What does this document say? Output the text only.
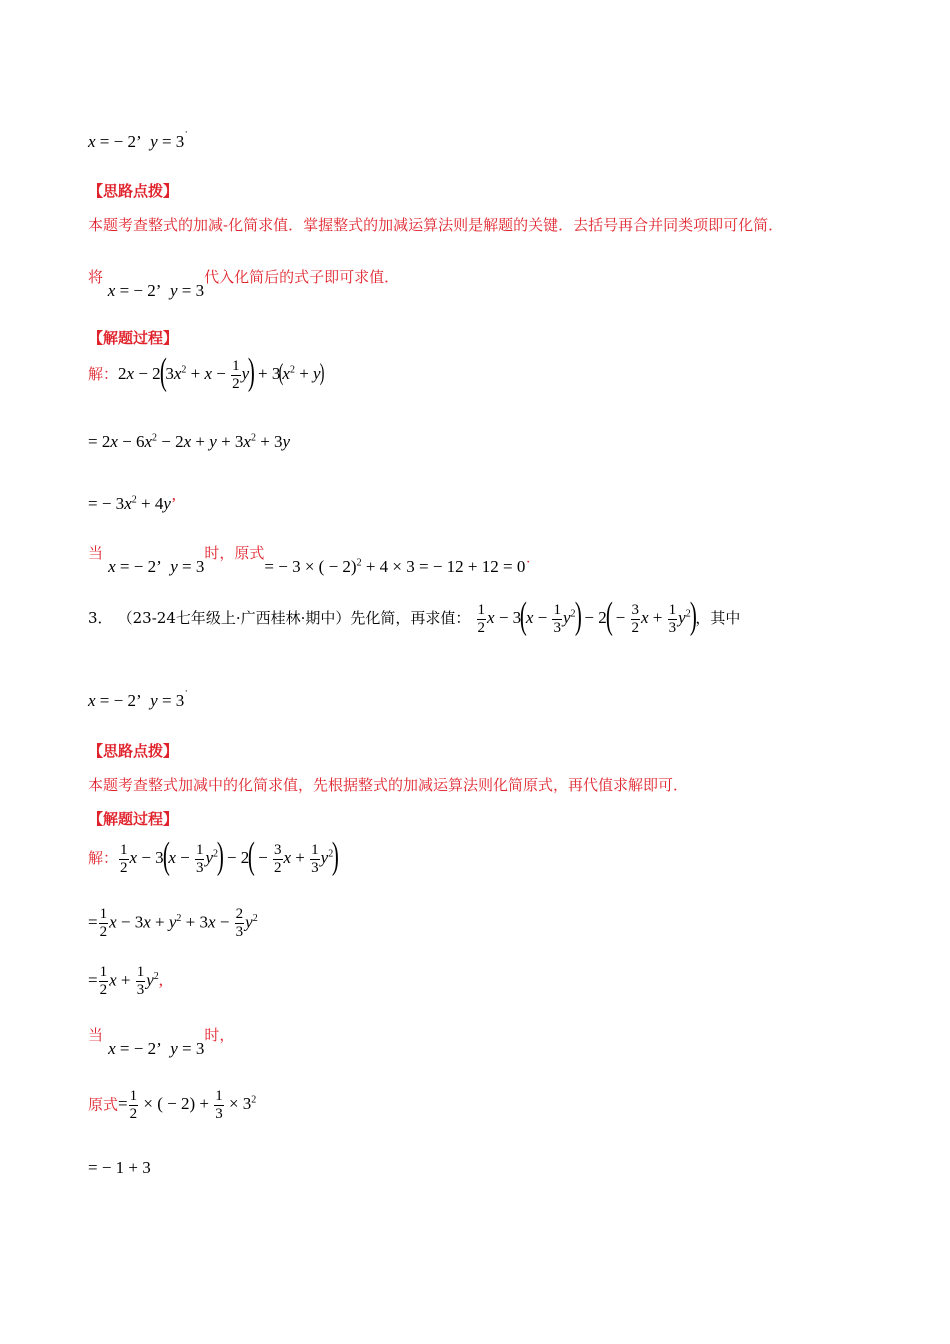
x = − 2’  y = 3˙
【思路点拨】
本题考查整式的加减-化简求值．掌握整式的加减运算法则是解题的关键．去括号再合并同类项即可化简．
将 x = − 2’  y = 3代入化简后的式子即可求值．
【解题过程】
解：$2x - 2(3x^2 + x - \frac{1}{2} y) + 3(x^2 + y)$
= $2x - 6x^2 - 2x + y + 3x^2 + 3y$
= − $3x^2 + 4y$’
当 x = − 2’  y = 3时，原式= − 3 × ( − 2)$^2$ + 4 × 3 = − 12 + 12 = 0˙
3． （23-24七年级上·广西桂林·期中）先化简，再求值： $\frac{1}{2}$ $x - 3(x - \frac{1}{3} y^2) - 2( - \frac{3}{2}$ $x + \frac{1}{3} y^2$)，其中
x = − 2’  y = 3˙
【思路点拨】
本题考查整式加减中的化简求值，先根据整式的加减运算法则化简原式，再代值求解即可．
【解题过程】
解： $\frac{1}{2}$ $x - 3(x - \frac{1}{3} y^2) - 2( - \frac{3}{2}$ $x + \frac{1}{3} y^2$)
= $\frac{1}{2}$ $x - 3x + y^2 + 3x - \frac{2}{3} y^2$
= $\frac{1}{2}$ $x + \frac{1}{3} y^2$,
当 x = − 2’  y = 3时，
原式= $\frac{1}{2}$ × ( − $2) + \frac{1}{3} \times 3^2$
= − 1 + 3
